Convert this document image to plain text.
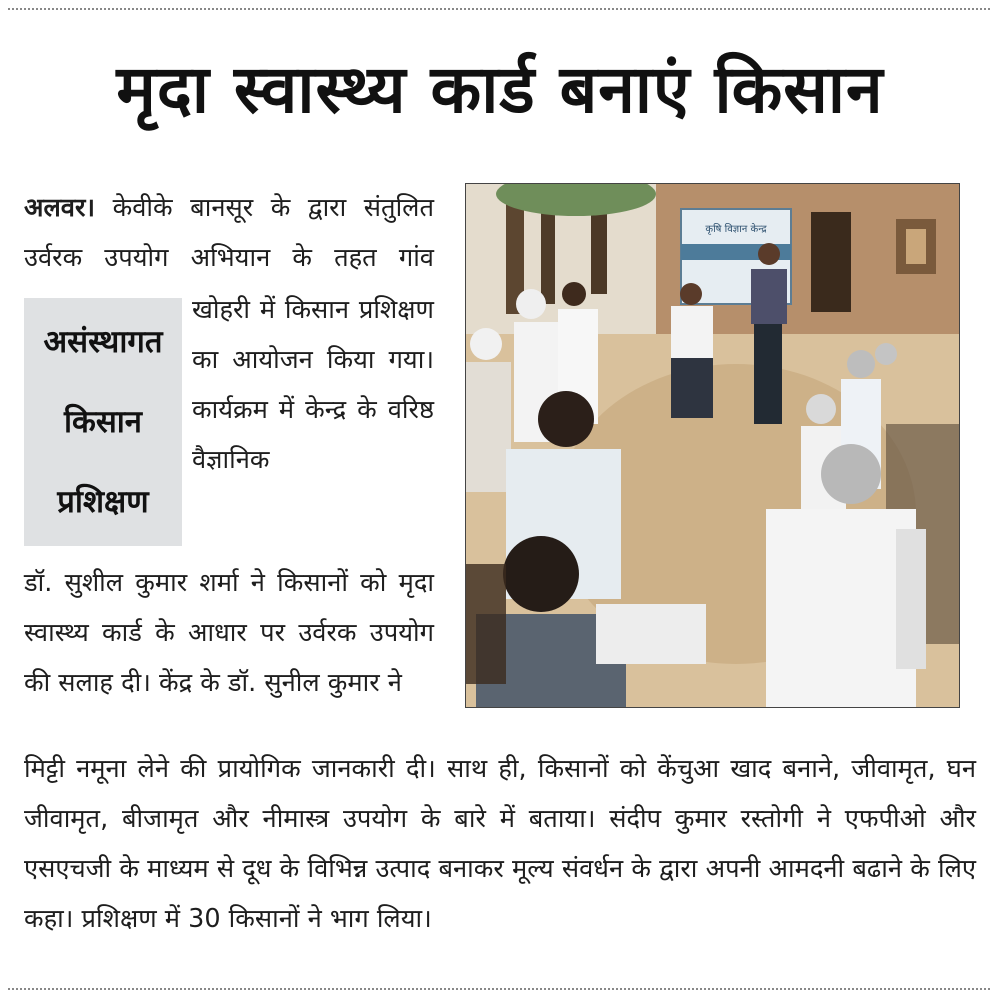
मृदा स्वास्थ्य कार्ड बनाएं किसान
अलवर। केवीके बानसूर के द्वारा संतुलित उर्वरक उपयोग अभियान के तहत गांव
असंस्थागत
किसान
प्रशिक्षण
खोहरी में किसान प्रशिक्षण का आयोजन किया गया। कार्यक्रम में केन्द्र के वरिष्ठ वैज्ञानिक
डॉ. सुशील कुमार शर्मा ने किसानों को मृदा स्वास्थ्य कार्ड के आधार पर उर्वरक उपयोग की सलाह दी। केंद्र के डॉ. सुनील कुमार ने
कृषि विज्ञान केन्द्र
मिट्टी नमूना लेने की प्रायोगिक जानकारी दी। साथ ही, किसानों को केंचुआ खाद बनाने, जीवामृत, घन जीवामृत, बीजामृत और नीमास्त्र उपयोग के बारे में बताया। संदीप कुमार रस्तोगी ने एफपीओ और एसएचजी के माध्यम से दूध के विभिन्न उत्पाद बनाकर मूल्य संवर्धन के द्वारा अपनी आमदनी बढाने के लिए कहा। प्रशिक्षण में 30 किसानों ने भाग लिया।
